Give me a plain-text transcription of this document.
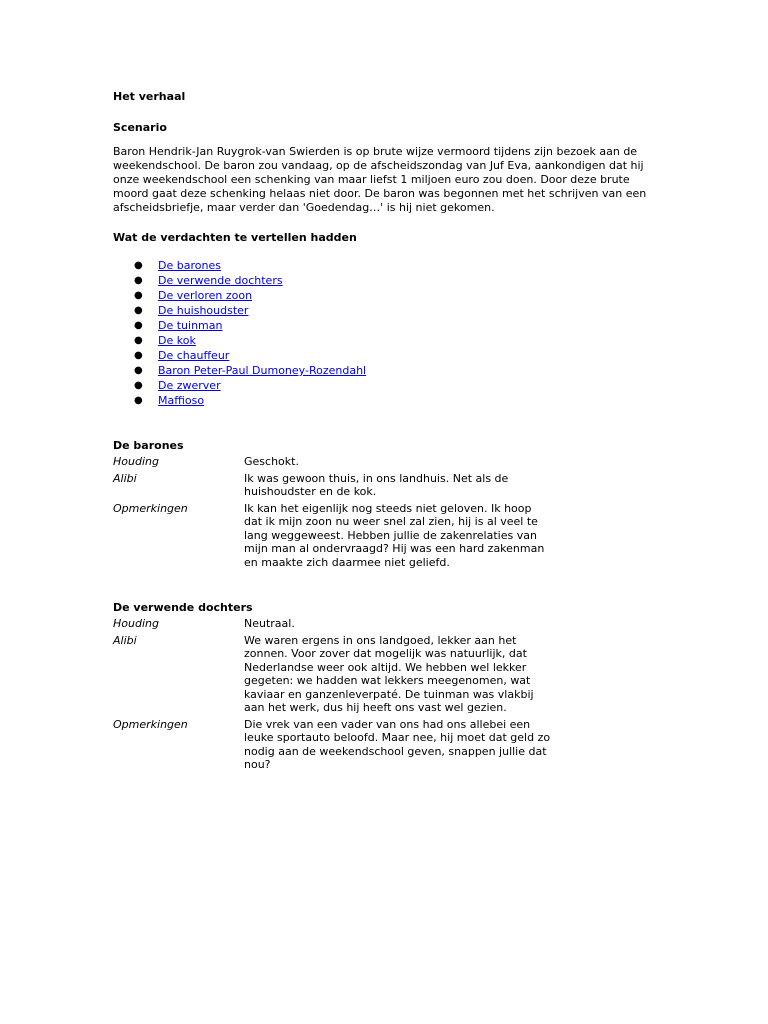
Het verhaal
Scenario

Baron Hendrik-Jan Ruygrok-van Swierden is op brute wijze vermoord tijdens zijn bezoek aan de weekendschool. De baron zou vandaag, op de afscheidszondag van Juf Eva, aankondigen dat hij onze weekendschool een schenking van maar liefst 1 miljoen euro zou doen. Door deze brute moord gaat deze schenking helaas niet door. De baron was begonnen met het schrijven van een afscheidsbriefje, maar verder dan 'Goedendag…' is hij niet gekomen.

Wat de verdachten te vertellen hadden
● De barones
● De verwende dochters
● De verloren zoon
● De huishoudster
● De tuinman
● De kok
● De chauffeur
● Baron Peter-Paul Dumoney-Rozendahl
● De zwerver
● Maffioso
De barones
Houding	Geschokt.
Alibi	Ik was gewoon thuis, in ons landhuis. Net als de huishoudster en de kok.
Opmerkingen	Ik kan het eigenlijk nog steeds niet geloven. Ik hoop dat ik mijn zoon nu weer snel zal zien, hij is al veel te lang weggeweest. Hebben jullie de zakenrelaties van mijn man al ondervraagd? Hij was een hard zakenman en maakte zich daarmee niet geliefd.
De verwende dochters
Houding	Neutraal.
Alibi	We waren ergens in ons landgoed, lekker aan het zonnen. Voor zover dat mogelijk was natuurlijk, dat Nederlandse weer ook altijd. We hebben wel lekker gegeten: we hadden wat lekkers meegenomen, wat kaviaar en ganzenleverpaté. De tuinman was vlakbij aan het werk, dus hij heeft ons vast wel gezien.
Opmerkingen	Die vrek van een vader van ons had ons allebei een leuke sportauto beloofd. Maar nee, hij moet dat geld zo nodig aan de weekendschool geven, snappen jullie dat nou?
